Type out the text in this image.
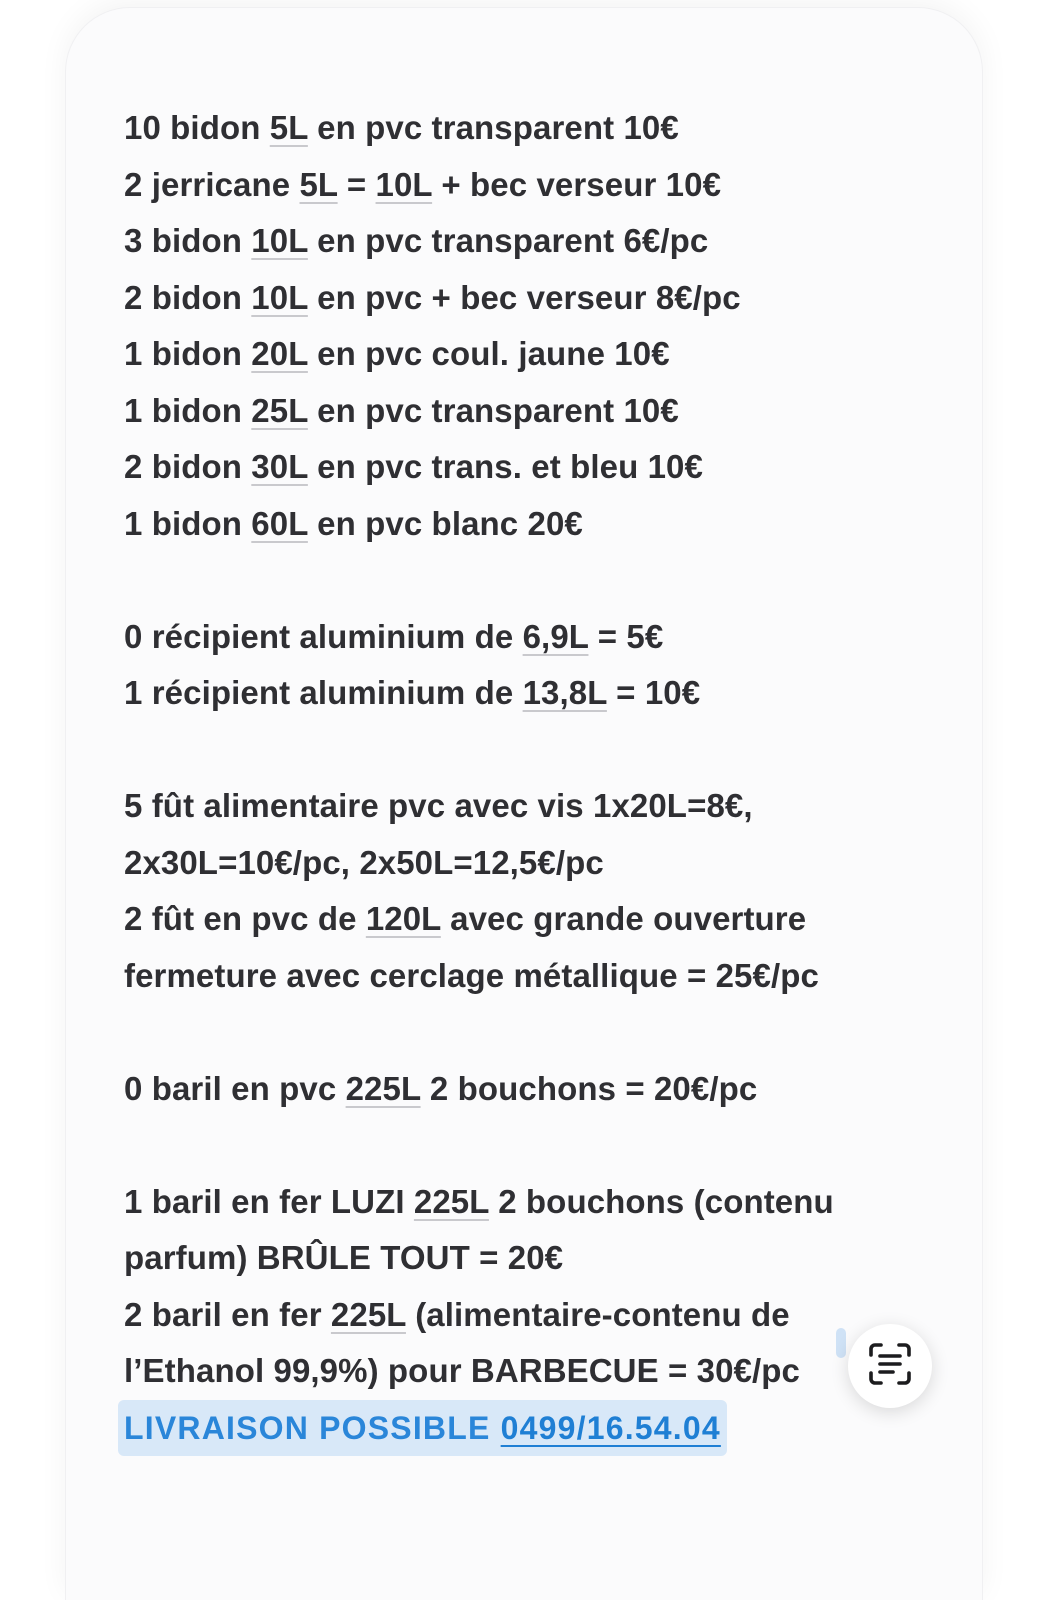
10 bidon 5L en pvc transparent 10€
2 jerricane 5L = 10L + bec verseur 10€
3 bidon 10L en pvc transparent 6€/pc
2 bidon 10L en pvc + bec verseur 8€/pc
1 bidon 20L en pvc coul. jaune 10€
1 bidon 25L en pvc transparent 10€
2 bidon 30L en pvc trans. et bleu 10€
1 bidon 60L en pvc blanc 20€
0 récipient aluminium de 6,9L = 5€
1 récipient aluminium de 13,8L = 10€
5 fût alimentaire pvc avec vis 1x20L=8€,
2x30L=10€/pc, 2x50L=12,5€/pc
2 fût en pvc de 120L avec grande ouverture
fermeture avec cerclage métallique = 25€/pc
0 baril en pvc 225L 2 bouchons = 20€/pc
1 baril en fer LUZI 225L 2 bouchons (contenu
parfum) BRÛLE TOUT = 20€
2 baril en fer 225L (alimentaire-contenu de
l’Ethanol 99,9%) pour BARBECUE = 30€/pc
LIVRAISON POSSIBLE 0499/16.54.04
